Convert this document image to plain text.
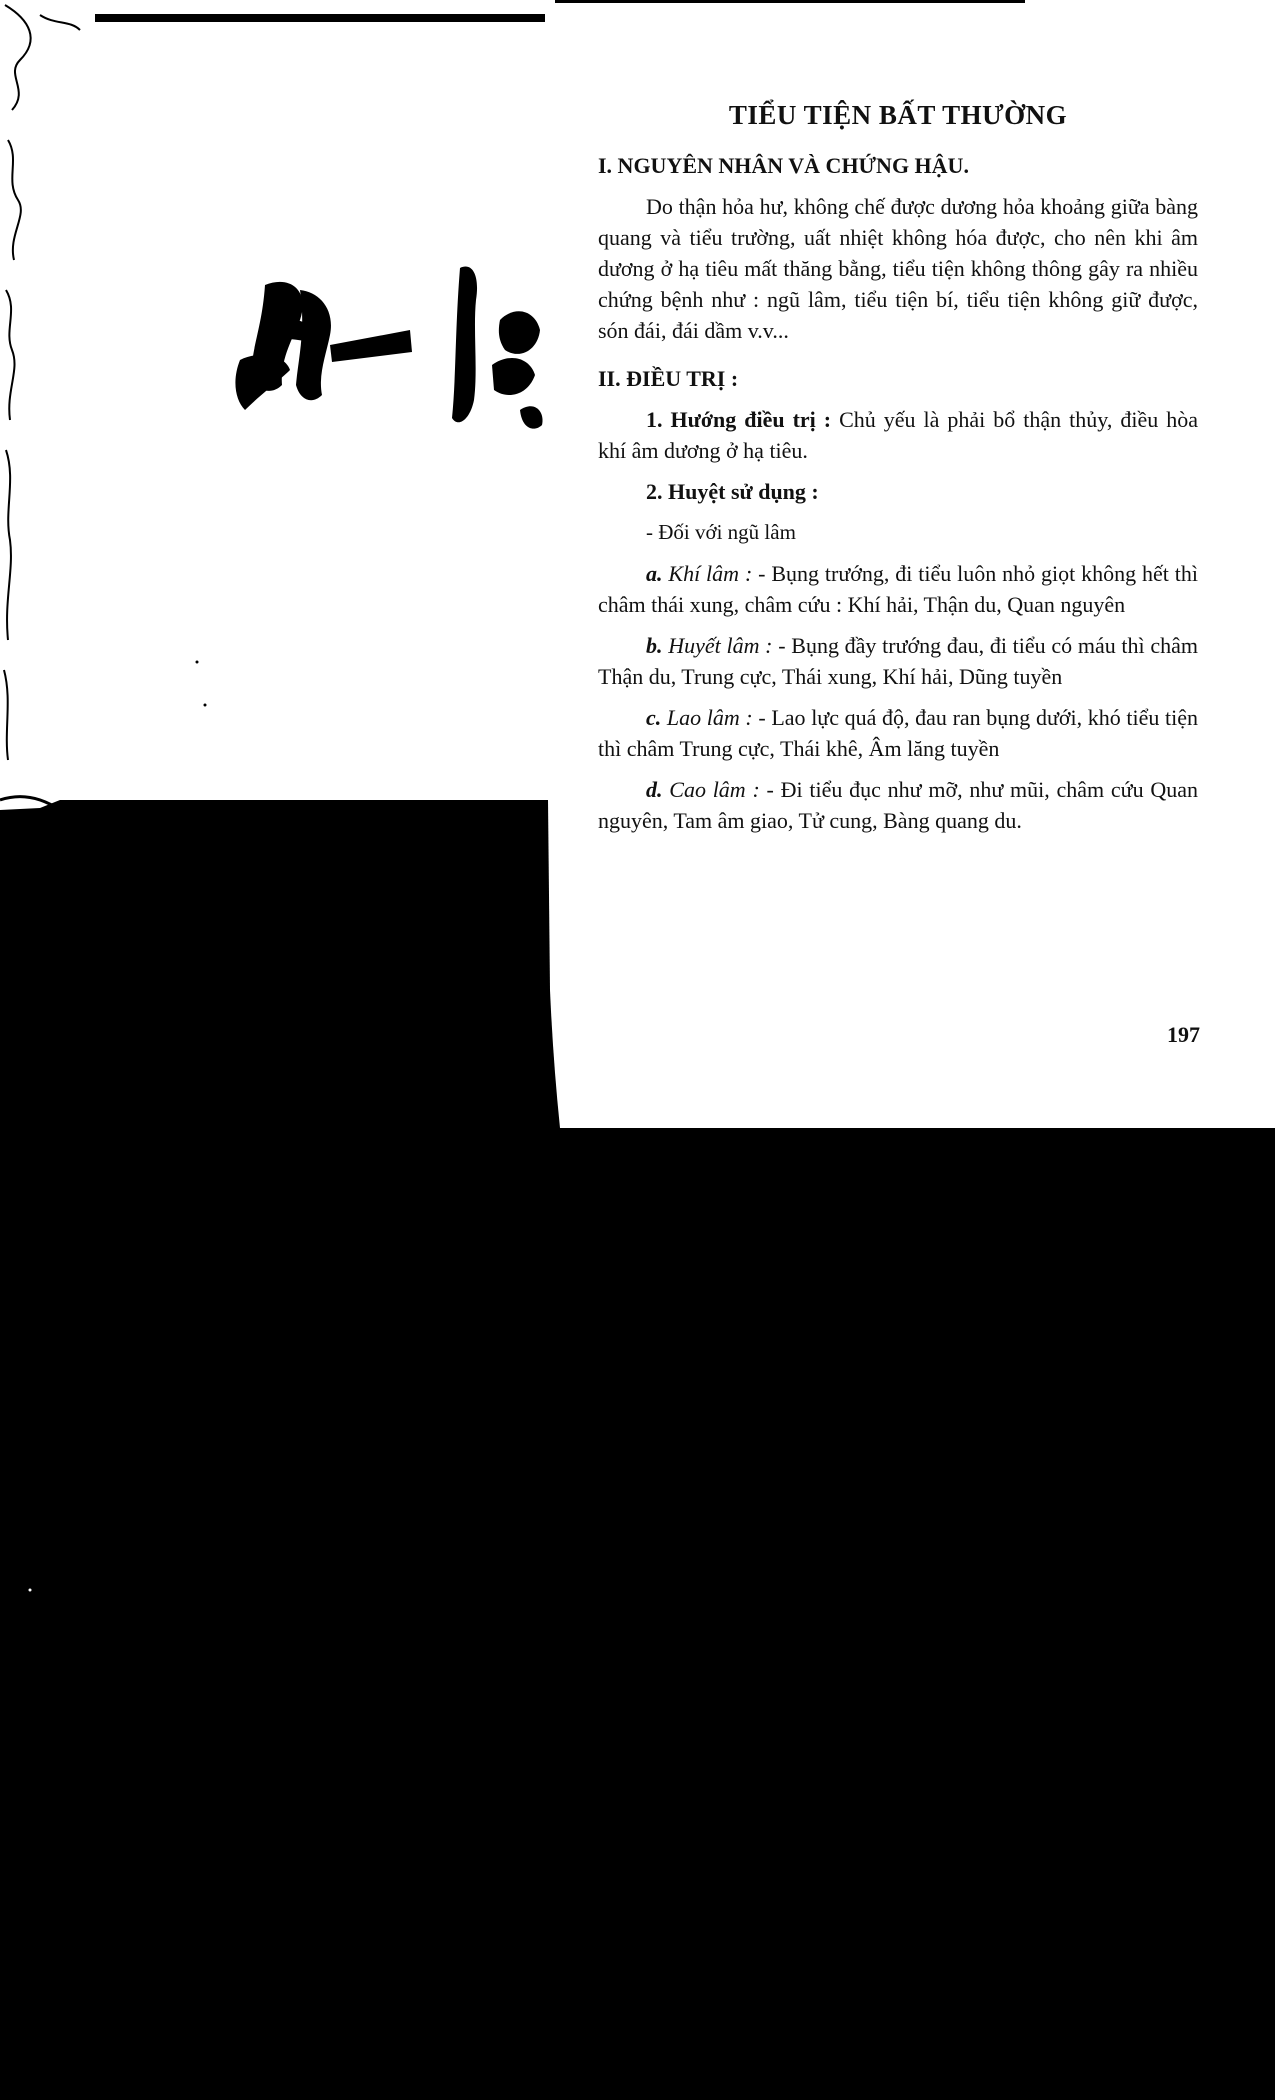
TIỂU TIỆN BẤT THƯỜNG
I. NGUYÊN NHÂN VÀ CHỨNG HẬU.

Do thận hỏa hư, không chế được dương hỏa khoảng giữa bàng quang và tiểu trường, uất nhiệt không hóa được, cho nên khi âm dương ở hạ tiêu mất thăng bằng, tiểu tiện không thông gây ra nhiều chứng bệnh như : ngũ lâm, tiểu tiện bí, tiểu tiện không giữ được, són đái, đái dầm v.v...

II. ĐIỀU TRỊ :

1. Hướng điều trị : Chủ yếu là phải bổ thận thủy, điều hòa khí âm dương ở hạ tiêu.

2. Huyệt sử dụng :

- Đối với ngũ lâm

a. Khí lâm : - Bụng trướng, đi tiểu luôn nhỏ giọt không hết thì châm thái xung, châm cứu : Khí hải, Thận du, Quan nguyên

b. Huyết lâm : - Bụng đầy trướng đau, đi tiểu có máu thì châm Thận du, Trung cực, Thái xung, Khí hải, Dũng tuyền

c. Lao lâm : - Lao lực quá độ, đau ran bụng dưới, khó tiểu tiện thì châm Trung cực, Thái khê, Âm lăng tuyền

d. Cao lâm : - Đi tiểu đục như mỡ, như mũi, châm cứu Quan nguyên, Tam âm giao, Tử cung, Bàng quang du.

197
